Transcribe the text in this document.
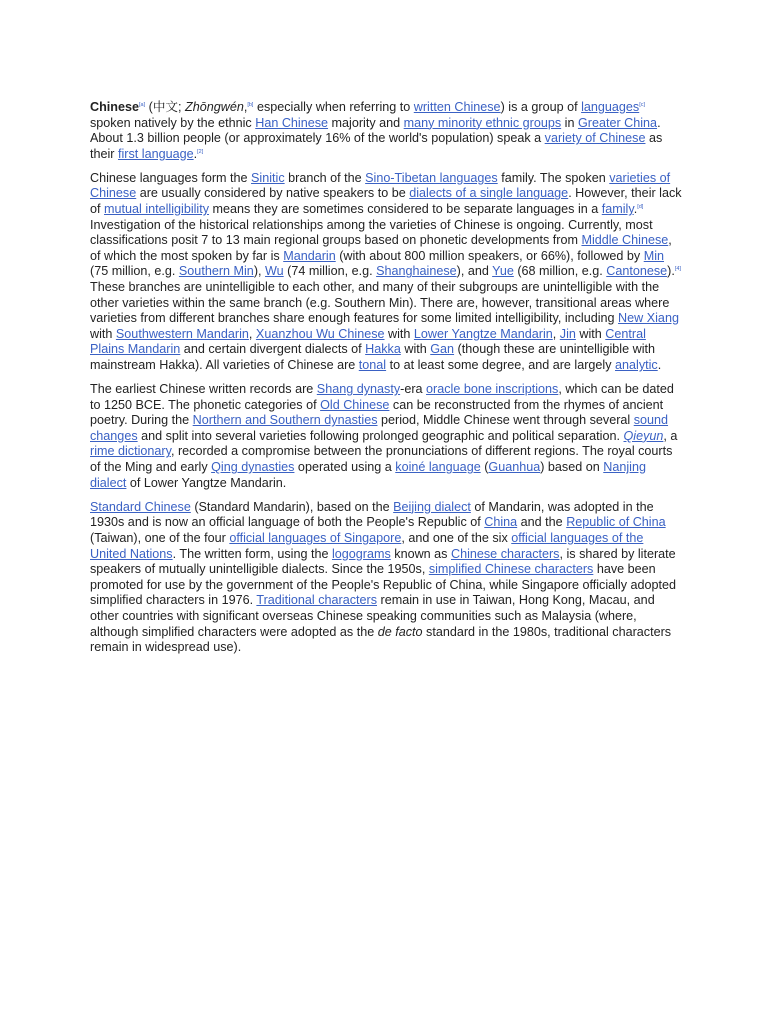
Chinese[a] (中文; Zhōngwén,[b] especially when referring to written Chinese) is a group of languages[c] spoken natively by the ethnic Han Chinese majority and many minority ethnic groups in Greater China. About 1.3 billion people (or approximately 16% of the world's population) speak a variety of Chinese as their first language.[2]

Chinese languages form the Sinitic branch of the Sino-Tibetan languages family. The spoken varieties of Chinese are usually considered by native speakers to be dialects of a single language. However, their lack of mutual intelligibility means they are sometimes considered to be separate languages in a family.[d] Investigation of the historical relationships among the varieties of Chinese is ongoing. Currently, most classifications posit 7 to 13 main regional groups based on phonetic developments from Middle Chinese, of which the most spoken by far is Mandarin (with about 800 million speakers, or 66%), followed by Min (75 million, e.g. Southern Min), Wu (74 million, e.g. Shanghainese), and Yue (68 million, e.g. Cantonese).[4] These branches are unintelligible to each other, and many of their subgroups are unintelligible with the other varieties within the same branch (e.g. Southern Min). There are, however, transitional areas where varieties from different branches share enough features for some limited intelligibility, including New Xiang with Southwestern Mandarin, Xuanzhou Wu Chinese with Lower Yangtze Mandarin, Jin with Central Plains Mandarin and certain divergent dialects of Hakka with Gan (though these are unintelligible with mainstream Hakka). All varieties of Chinese are tonal to at least some degree, and are largely analytic.

The earliest Chinese written records are Shang dynasty-era oracle bone inscriptions, which can be dated to 1250 BCE. The phonetic categories of Old Chinese can be reconstructed from the rhymes of ancient poetry. During the Northern and Southern dynasties period, Middle Chinese went through several sound changes and split into several varieties following prolonged geographic and political separation. Qieyun, a rime dictionary, recorded a compromise between the pronunciations of different regions. The royal courts of the Ming and early Qing dynasties operated using a koiné language (Guanhua) based on Nanjing dialect of Lower Yangtze Mandarin.

Standard Chinese (Standard Mandarin), based on the Beijing dialect of Mandarin, was adopted in the 1930s and is now an official language of both the People's Republic of China and the Republic of China (Taiwan), one of the four official languages of Singapore, and one of the six official languages of the United Nations. The written form, using the logograms known as Chinese characters, is shared by literate speakers of mutually unintelligible dialects. Since the 1950s, simplified Chinese characters have been promoted for use by the government of the People's Republic of China, while Singapore officially adopted simplified characters in 1976. Traditional characters remain in use in Taiwan, Hong Kong, Macau, and other countries with significant overseas Chinese speaking communities such as Malaysia (where, although simplified characters were adopted as the de facto standard in the 1980s, traditional characters remain in widespread use).
